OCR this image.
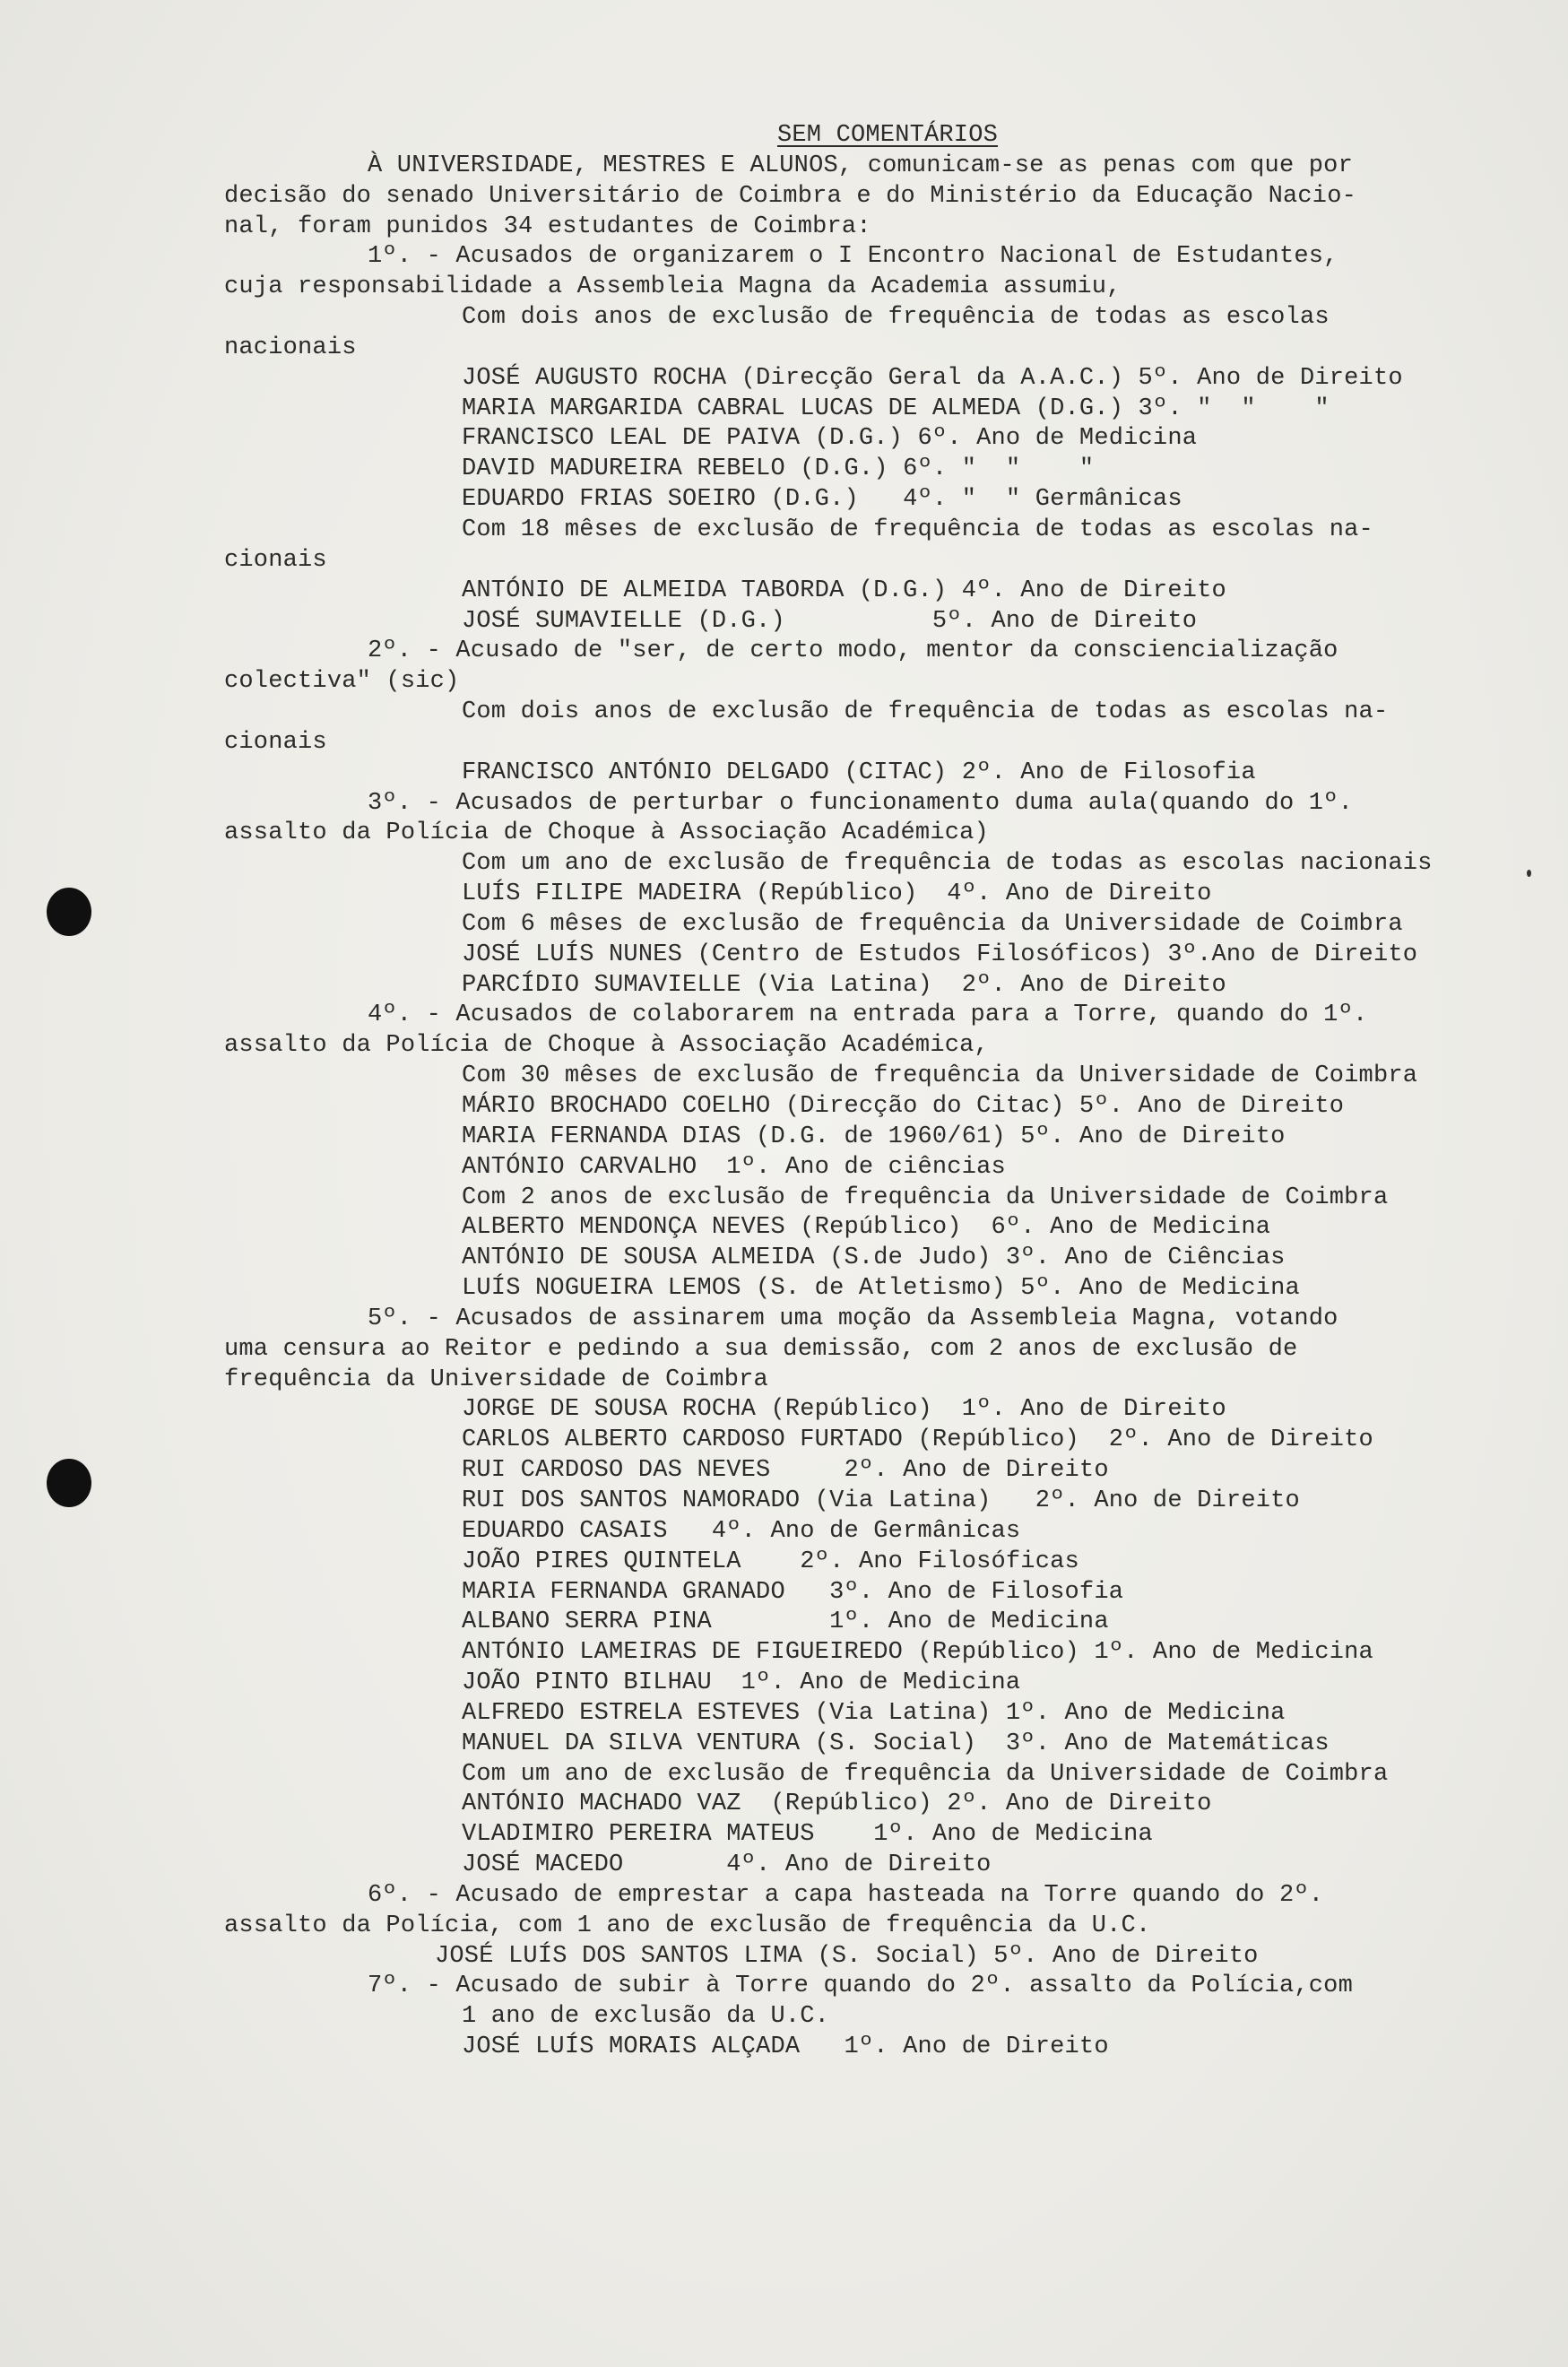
SEM COMENTÁRIOS
À UNIVERSIDADE, MESTRES E ALUNOS, comunicam-se as penas com que por
decisão do senado Universitário de Coimbra e do Ministério da Educação Nacio-
nal, foram punidos 34 estudantes de Coimbra:
1º. - Acusados de organizarem o I Encontro Nacional de Estudantes,
cuja responsabilidade a Assembleia Magna da Academia assumiu,
Com dois anos de exclusão de frequência de todas as escolas
nacionais
JOSÉ AUGUSTO ROCHA (Direcção Geral da A.A.C.) 5º. Ano de Direito
MARIA MARGARIDA CABRAL LUCAS DE ALMEDA (D.G.) 3º. "  "    "
FRANCISCO LEAL DE PAIVA (D.G.) 6º. Ano de Medicina
DAVID MADUREIRA REBELO (D.G.) 6º. "  "    "
EDUARDO FRIAS SOEIRO (D.G.)   4º. "  " Germânicas
Com 18 mêses de exclusão de frequência de todas as escolas na-
cionais
ANTÓNIO DE ALMEIDA TABORDA (D.G.) 4º. Ano de Direito
JOSÉ SUMAVIELLE (D.G.)          5º. Ano de Direito
2º. - Acusado de "ser, de certo modo, mentor da consciencialização
colectiva" (sic)
Com dois anos de exclusão de frequência de todas as escolas na-
cionais
FRANCISCO ANTÓNIO DELGADO (CITAC) 2º. Ano de Filosofia
3º. - Acusados de perturbar o funcionamento duma aula(quando do 1º.
assalto da Polícia de Choque à Associação Académica)
Com um ano de exclusão de frequência de todas as escolas nacionais
LUÍS FILIPE MADEIRA (Repúblico)  4º. Ano de Direito
Com 6 mêses de exclusão de frequência da Universidade de Coimbra
JOSÉ LUÍS NUNES (Centro de Estudos Filosóficos) 3º.Ano de Direito
PARCÍDIO SUMAVIELLE (Via Latina)  2º. Ano de Direito
4º. - Acusados de colaborarem na entrada para a Torre, quando do 1º.
assalto da Polícia de Choque à Associação Académica,
Com 30 mêses de exclusão de frequência da Universidade de Coimbra
MÁRIO BROCHADO COELHO (Direcção do Citac) 5º. Ano de Direito
MARIA FERNANDA DIAS (D.G. de 1960/61) 5º. Ano de Direito
ANTÓNIO CARVALHO  1º. Ano de ciências
Com 2 anos de exclusão de frequência da Universidade de Coimbra
ALBERTO MENDONÇA NEVES (Repúblico)  6º. Ano de Medicina
ANTÓNIO DE SOUSA ALMEIDA (S.de Judo) 3º. Ano de Ciências
LUÍS NOGUEIRA LEMOS (S. de Atletismo) 5º. Ano de Medicina
5º. - Acusados de assinarem uma moção da Assembleia Magna, votando
uma censura ao Reitor e pedindo a sua demissão, com 2 anos de exclusão de
frequência da Universidade de Coimbra
JORGE DE SOUSA ROCHA (Repúblico)  1º. Ano de Direito
CARLOS ALBERTO CARDOSO FURTADO (Repúblico)  2º. Ano de Direito
RUI CARDOSO DAS NEVES     2º. Ano de Direito
RUI DOS SANTOS NAMORADO (Via Latina)   2º. Ano de Direito
EDUARDO CASAIS   4º. Ano de Germânicas
JOÃO PIRES QUINTELA    2º. Ano Filosóficas
MARIA FERNANDA GRANADO   3º. Ano de Filosofia
ALBANO SERRA PINA        1º. Ano de Medicina
ANTÓNIO LAMEIRAS DE FIGUEIREDO (Repúblico) 1º. Ano de Medicina
JOÃO PINTO BILHAU  1º. Ano de Medicina
ALFREDO ESTRELA ESTEVES (Via Latina) 1º. Ano de Medicina
MANUEL DA SILVA VENTURA (S. Social)  3º. Ano de Matemáticas
Com um ano de exclusão de frequência da Universidade de Coimbra
ANTÓNIO MACHADO VAZ  (Repúblico) 2º. Ano de Direito
VLADIMIRO PEREIRA MATEUS    1º. Ano de Medicina
JOSÉ MACEDO       4º. Ano de Direito
6º. - Acusado de emprestar a capa hasteada na Torre quando do 2º.
assalto da Polícia, com 1 ano de exclusão de frequência da U.C.
JOSÉ LUÍS DOS SANTOS LIMA (S. Social) 5º. Ano de Direito
7º. - Acusado de subir à Torre quando do 2º. assalto da Polícia,com
1 ano de exclusão da U.C.
JOSÉ LUÍS MORAIS ALÇADA   1º. Ano de Direito
